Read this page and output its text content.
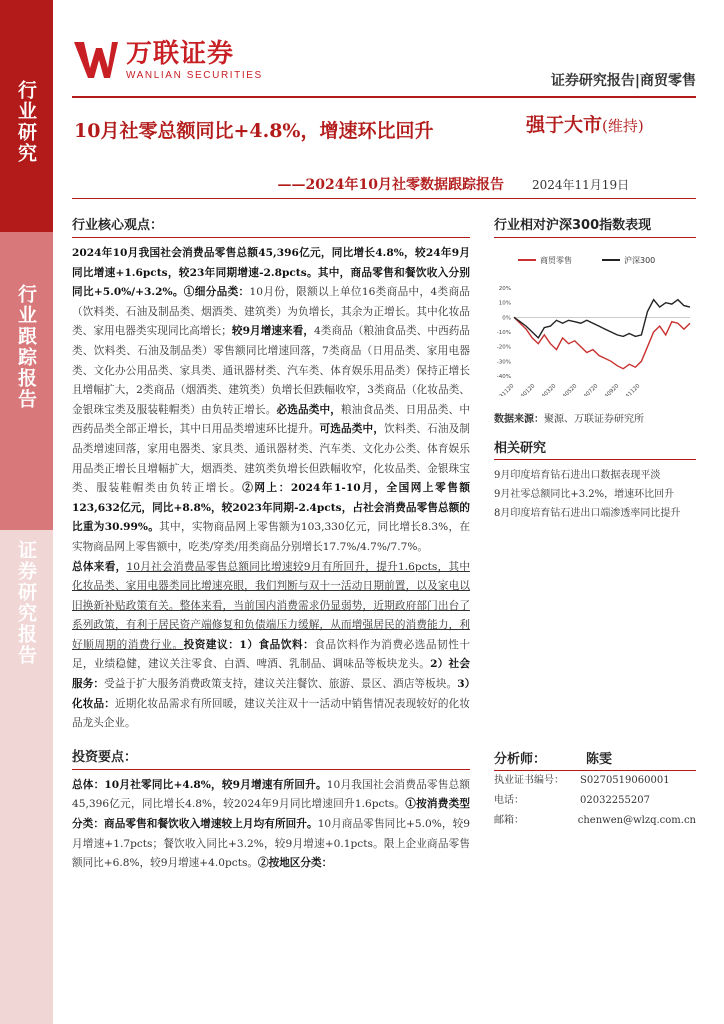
行业研究
行业跟踪报告
证券研究报告
万联证券
WANLIAN SECURITIES	证券研究报告|商贸零售
10月社零总额同比+4.8%，增速环比回升	强于大市(维持)
——2024年10月社零数据跟踪报告 2024年11月19日
行业核心观点：

2024年10月我国社会消费品零售总额45,396亿元，同比增长4.8%，较24年9月同比增速+1.6pcts，较23年同期增速-2.8pcts。其中，商品零售和餐饮收入分别同比+5.0%/+3.2%。①细分品类：10月份，限额以上单位16类商品中，4类商品（饮料类、石油及制品类、烟酒类、建筑类）为负增长，其余为正增长。其中化妆品类、家用电器类实现同比高增长；较9月增速来看，4类商品（粮油食品类、中西药品类、饮料类、石油及制品类）零售额同比增速回落，7类商品（日用品类、家用电器类、文化办公用品类、家具类、通讯器材类、汽车类、体育娱乐用品类）保持正增长且增幅扩大，2类商品（烟酒类、建筑类）负增长但跌幅收窄，3类商品（化妆品类、金银珠宝类及服装鞋帽类）由负转正增长。必选品类中，粮油食品类、日用品类、中西药品类全部正增长，其中日用品类增速环比提升。可选品类中，饮料类、石油及制品类增速回落，家用电器类、家具类、通讯器材类、汽车类、文化办公类、体育娱乐用品类正增长且增幅扩大，烟酒类、建筑类负增长但跌幅收窄，化妆品类、金银珠宝类、服装鞋帽类由负转正增长。②网上：2024年1-10月，全国网上零售额123,632亿元，同比+8.8%，较2023年同期-2.4pcts，占社会消费品零售总额的比重为30.99%。其中，实物商品网上零售额为103,330亿元，同比增长8.3%，在实物商品网上零售额中，吃类/穿类/用类商品分别增长17.7%/4.7%/7.7%。

总体来看，10月社会消费品零售总额同比增速较9月有所回升，提升1.6pcts，其中化妆品类、家用电器类同比增速亮眼，我们判断与双十一活动日期前置，以及家电以旧换新补贴政策有关。整体来看，当前国内消费需求仍显弱势，近期政府部门出台了系列政策，有利于居民资产端修复和负债端压力缓解，从而增强居民的消费能力，利好顺周期的消费行业。投资建议：1）食品饮料：食品饮料作为消费必选品韧性十足，业绩稳健，建议关注零食、白酒、啤酒、乳制品、调味品等板块龙头。2）社会服务：受益于扩大服务消费政策支持，建议关注餐饮、旅游、景区、酒店等板块。3）化妆品：近期化妆品需求有所回暖，建议关注双十一活动中销售情况表现较好的化妆品龙头企业。

投资要点：

总体：10月社零同比+4.8%，较9月增速有所回升。10月我国社会消费品零售总额45,396亿元，同比增长4.8%，较2024年9月同比增速回升1.6pcts。①按消费类型分类：商品零售和餐饮收入增速较上月均有所回升。10月商品零售同比+5.0%，较9月增速+1.7pcts；餐饮收入同比+3.2%，较9月增速+0.1pcts。限上企业商品零售额同比+6.8%，较9月增速+4.0pcts。②按地区分类：

行业相对沪深300指数表现
商贸零售	沪深300
20%
10%
0%
-10%
-20%
-30%
-40%
231120 240120 240320 240520 240720 240920 241120
数据来源：聚源、万联证券研究所
相关研究
9月印度培育钻石进出口数据表现平淡
9月社零总额同比+3.2%，增速环比回升
8月印度培育钻石进出口端渗透率同比提升
分析师：	陈雯
执业证书编号：	S0270519060001
电话：	02032255207
邮箱：	chenwen@wlzq.com.cn
